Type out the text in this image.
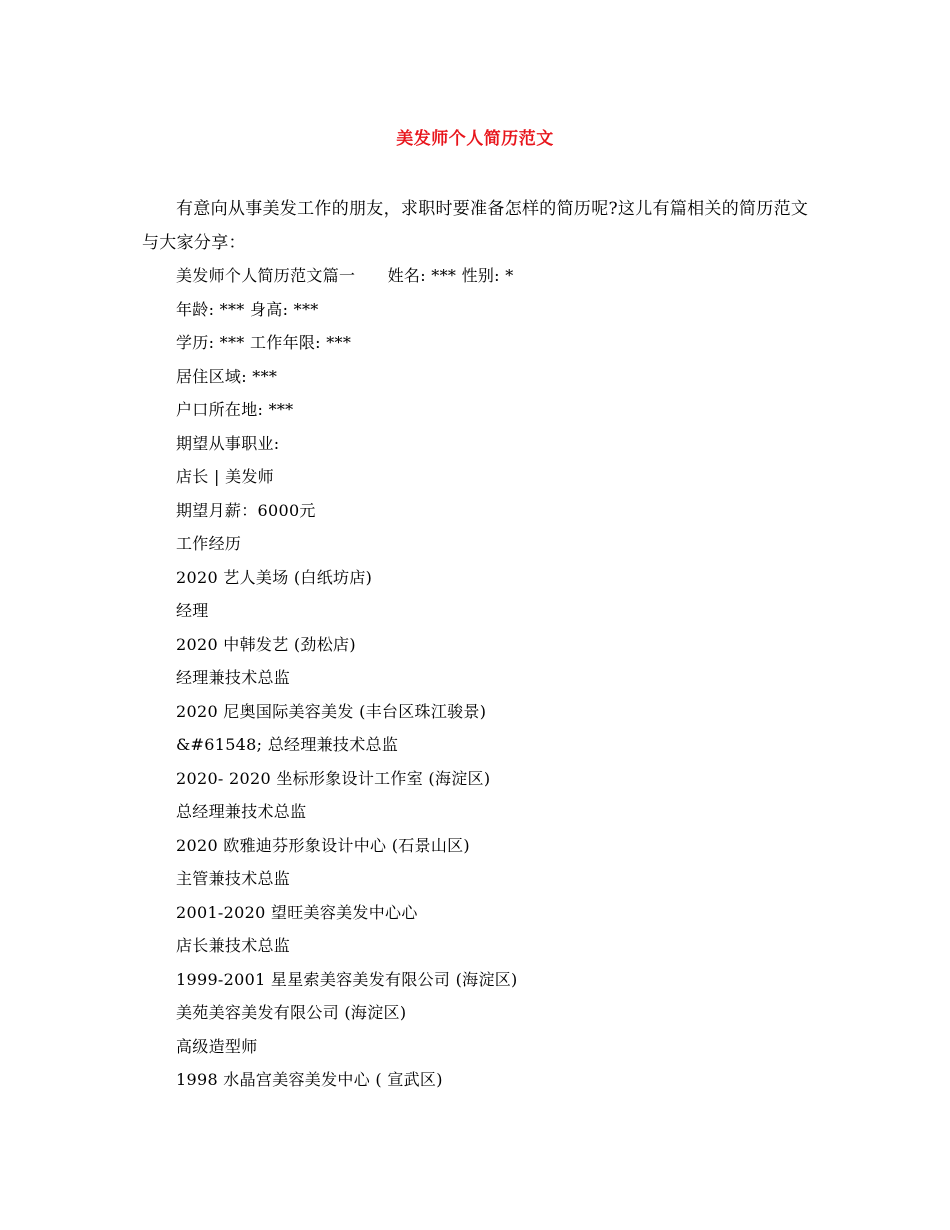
美发师个人简历范文
有意向从事美发工作的朋友，求职时要准备怎样的简历呢?这儿有篇相关的简历范文与大家分享：
美发师个人简历范文篇一      姓名: *** 性别: *
年龄: *** 身高: ***
学历: *** 工作年限: ***
居住区域: ***
户口所在地: ***
期望从事职业:
店长 | 美发师
期望月薪：6000元
工作经历
2020 艺人美场 (白纸坊店)
经理
2020 中韩发艺 (劲松店)
经理兼技术总监
2020 尼奥国际美容美发 (丰台区珠江骏景)
&#61548; 总经理兼技术总监
2020- 2020 坐标形象设计工作室 (海淀区)
总经理兼技术总监
2020 欧雅迪芬形象设计中心 (石景山区)
主管兼技术总监
2001-2020 望旺美容美发中心心
店长兼技术总监
1999-2001 星星索美容美发有限公司 (海淀区)
美苑美容美发有限公司 (海淀区)
高级造型师
1998 水晶宫美容美发中心 ( 宣武区)
